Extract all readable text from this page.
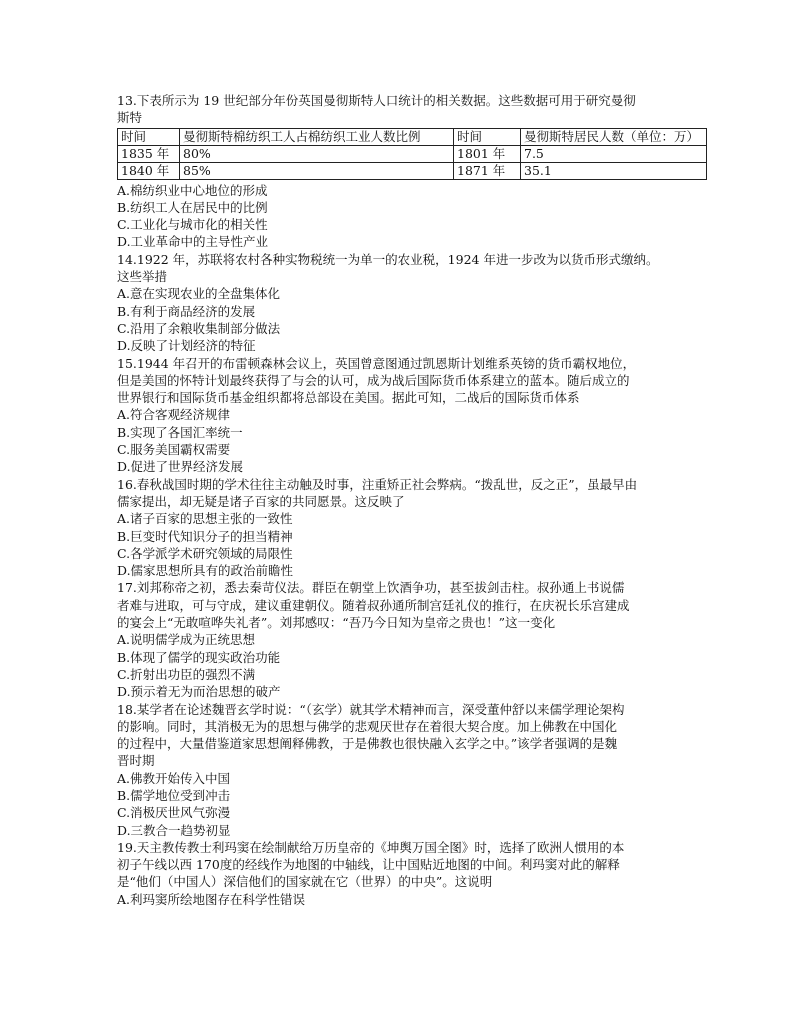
13.下表所示为 19 世纪部分年份英国曼彻斯特人口统计的相关数据。这些数据可用于研究曼彻
斯特
时间	曼彻斯特棉纺织工人占棉纺织工业人数比例	时间	曼彻斯特居民人数（单位：万）
1835 年	80%	1801 年	7.5
1840 年	85%	1871 年	35.1
A.棉纺织业中心地位的形成
B.纺织工人在居民中的比例
C.工业化与城市化的相关性
D.工业革命中的主导性产业
14.1922 年，苏联将农村各种实物税统一为单一的农业税，1924 年进一步改为以货币形式缴纳。
这些举措
A.意在实现农业的全盘集体化
B.有利于商品经济的发展
C.沿用了余粮收集制部分做法
D.反映了计划经济的特征
15.1944 年召开的布雷顿森林会议上，英国曾意图通过凯恩斯计划维系英镑的货币霸权地位，
但是美国的怀特计划最终获得了与会的认可，成为战后国际货币体系建立的蓝本。随后成立的
世界银行和国际货币基金组织都将总部设在美国。据此可知，二战后的国际货币体系
A.符合客观经济规律
B.实现了各国汇率统一
C.服务美国霸权需要
D.促进了世界经济发展
16.春秋战国时期的学术往往主动触及时事，注重矫正社会弊病。“拨乱世，反之正”，虽最早由
儒家提出，却无疑是诸子百家的共同愿景。这反映了
A.诸子百家的思想主张的一致性
B.巨变时代知识分子的担当精神
C.各学派学术研究领域的局限性
D.儒家思想所具有的政治前瞻性
17.刘邦称帝之初，悉去秦苛仪法。群臣在朝堂上饮酒争功，甚至拔剑击柱。叔孙通上书说儒
者难与进取，可与守成，建议重建朝仪。随着叔孙通所制宫廷礼仪的推行，在庆祝长乐宫建成
的宴会上“无敢喧哗失礼者”。刘邦感叹：“吾乃今日知为皇帝之贵也！”这一变化
A.说明儒学成为正统思想
B.体现了儒学的现实政治功能
C.折射出功臣的强烈不满
D.预示着无为而治思想的破产
18.某学者在论述魏晋玄学时说：“（玄学）就其学术精神而言，深受董仲舒以来儒学理论架构
的影响。同时，其消极无为的思想与佛学的悲观厌世存在着很大契合度。加上佛教在中国化
的过程中，大量借鉴道家思想阐释佛教，于是佛教也很快融入玄学之中。”该学者强调的是魏
晋时期
A.佛教开始传入中国
B.儒学地位受到冲击
C.消极厌世风气弥漫
D.三教合一趋势初显
19.天主教传教士利玛窦在绘制献给万历皇帝的《坤舆万国全图》时，选择了欧洲人惯用的本
初子午线以西 170度的经线作为地图的中轴线，让中国贴近地图的中间。利玛窦对此的解释
是“他们（中国人）深信他们的国家就在它（世界）的中央”。这说明
A.利玛窦所绘地图存在科学性错误
